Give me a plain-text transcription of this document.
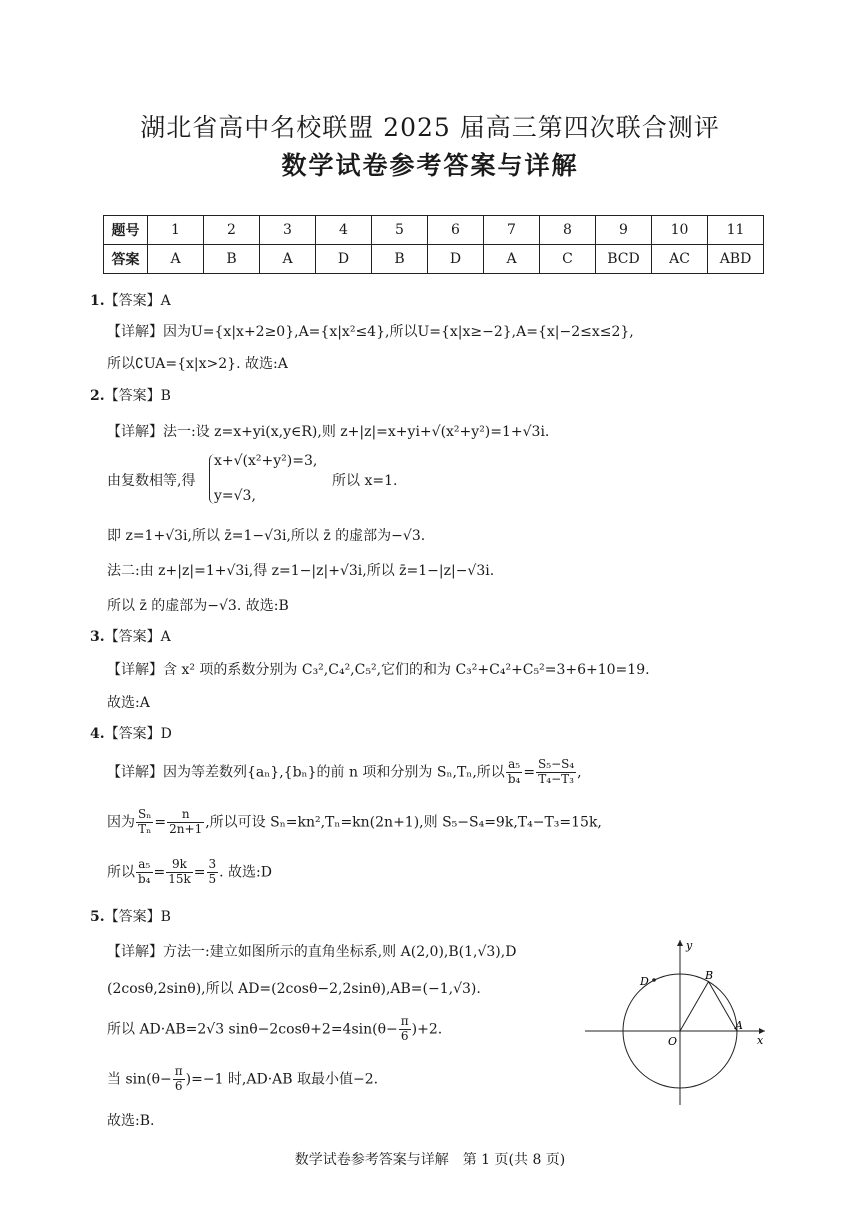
湖北省高中名校联盟 2025 届高三第四次联合测评
数学试卷参考答案与详解
题号	1	2	3	4	5	6	7	8	9	10	11
答案	A	B	A	D	B	D	A	C	BCD	AC	ABD
1.【答案】A
【详解】因为U={x|x+2≥0},A={x|x²≤4},所以U={x|x≥−2},A={x|−2≤x≤2},
所以∁UA={x|x>2}. 故选:A
2.【答案】B
【详解】法一:设 z=x+yi(x,y∈R),则 z+|z|=x+yi+√(x²+y²)=1+√3i.
由复数相等,得
x+√(x²+y²)=3,
y=√3,
所以 x=1.
即 z=1+√3i,所以 z̄=1−√3i,所以 z̄ 的虚部为−√3.
法二:由 z+|z|=1+√3i,得 z=1−|z|+√3i,所以 z̄=1−|z|−√3i.
所以 z̄ 的虚部为−√3. 故选:B
3.【答案】A
【详解】含 x² 项的系数分别为 C₃²,C₄²,C₅²,它们的和为 C₃²+C₄²+C₅²=3+6+10=19.
故选:A
4.【答案】D
【详解】因为等差数列{aₙ},{bₙ}的前 n 项和分别为 Sₙ,Tₙ,所以 $\frac{\text{a₅}}{\text{b₄}} = \frac{\text{S₅−S₄}}{\text{T₄−T₃}}$ ,
因为 $\frac{\text{Sₙ}}{\text{Tₙ}} = \frac{n}{2n+1}$ ,所以可设 Sₙ=kn²,Tₙ=kn(2n+1),则 S₅−S₄=9k,T₄−T₃=15k,
所以 $\frac{\text{a₅}}{\text{b₄}} = \frac{9k}{15k} = \frac{3}{5}$ . 故选:D
5.【答案】B
【详解】方法一:建立如图所示的直角坐标系,则 A(2,0),B(1,√3),D
(2cosθ,2sinθ),所以 AD=(2cosθ−2,2sinθ),AB=(−1,√3).
所以 AD·AB=2√3 $\sin\theta-2\cos\theta+2=4\sin(\theta- \frac{\pi}{6} )+2$.
当 $\sin(\theta- \frac{\pi}{6} )=-1$ 时,AD·AB 取最小值−2.
故选:B.
y
x
O
A
B
D
数学试卷参考答案与详解　第 1 页(共 8 页)
